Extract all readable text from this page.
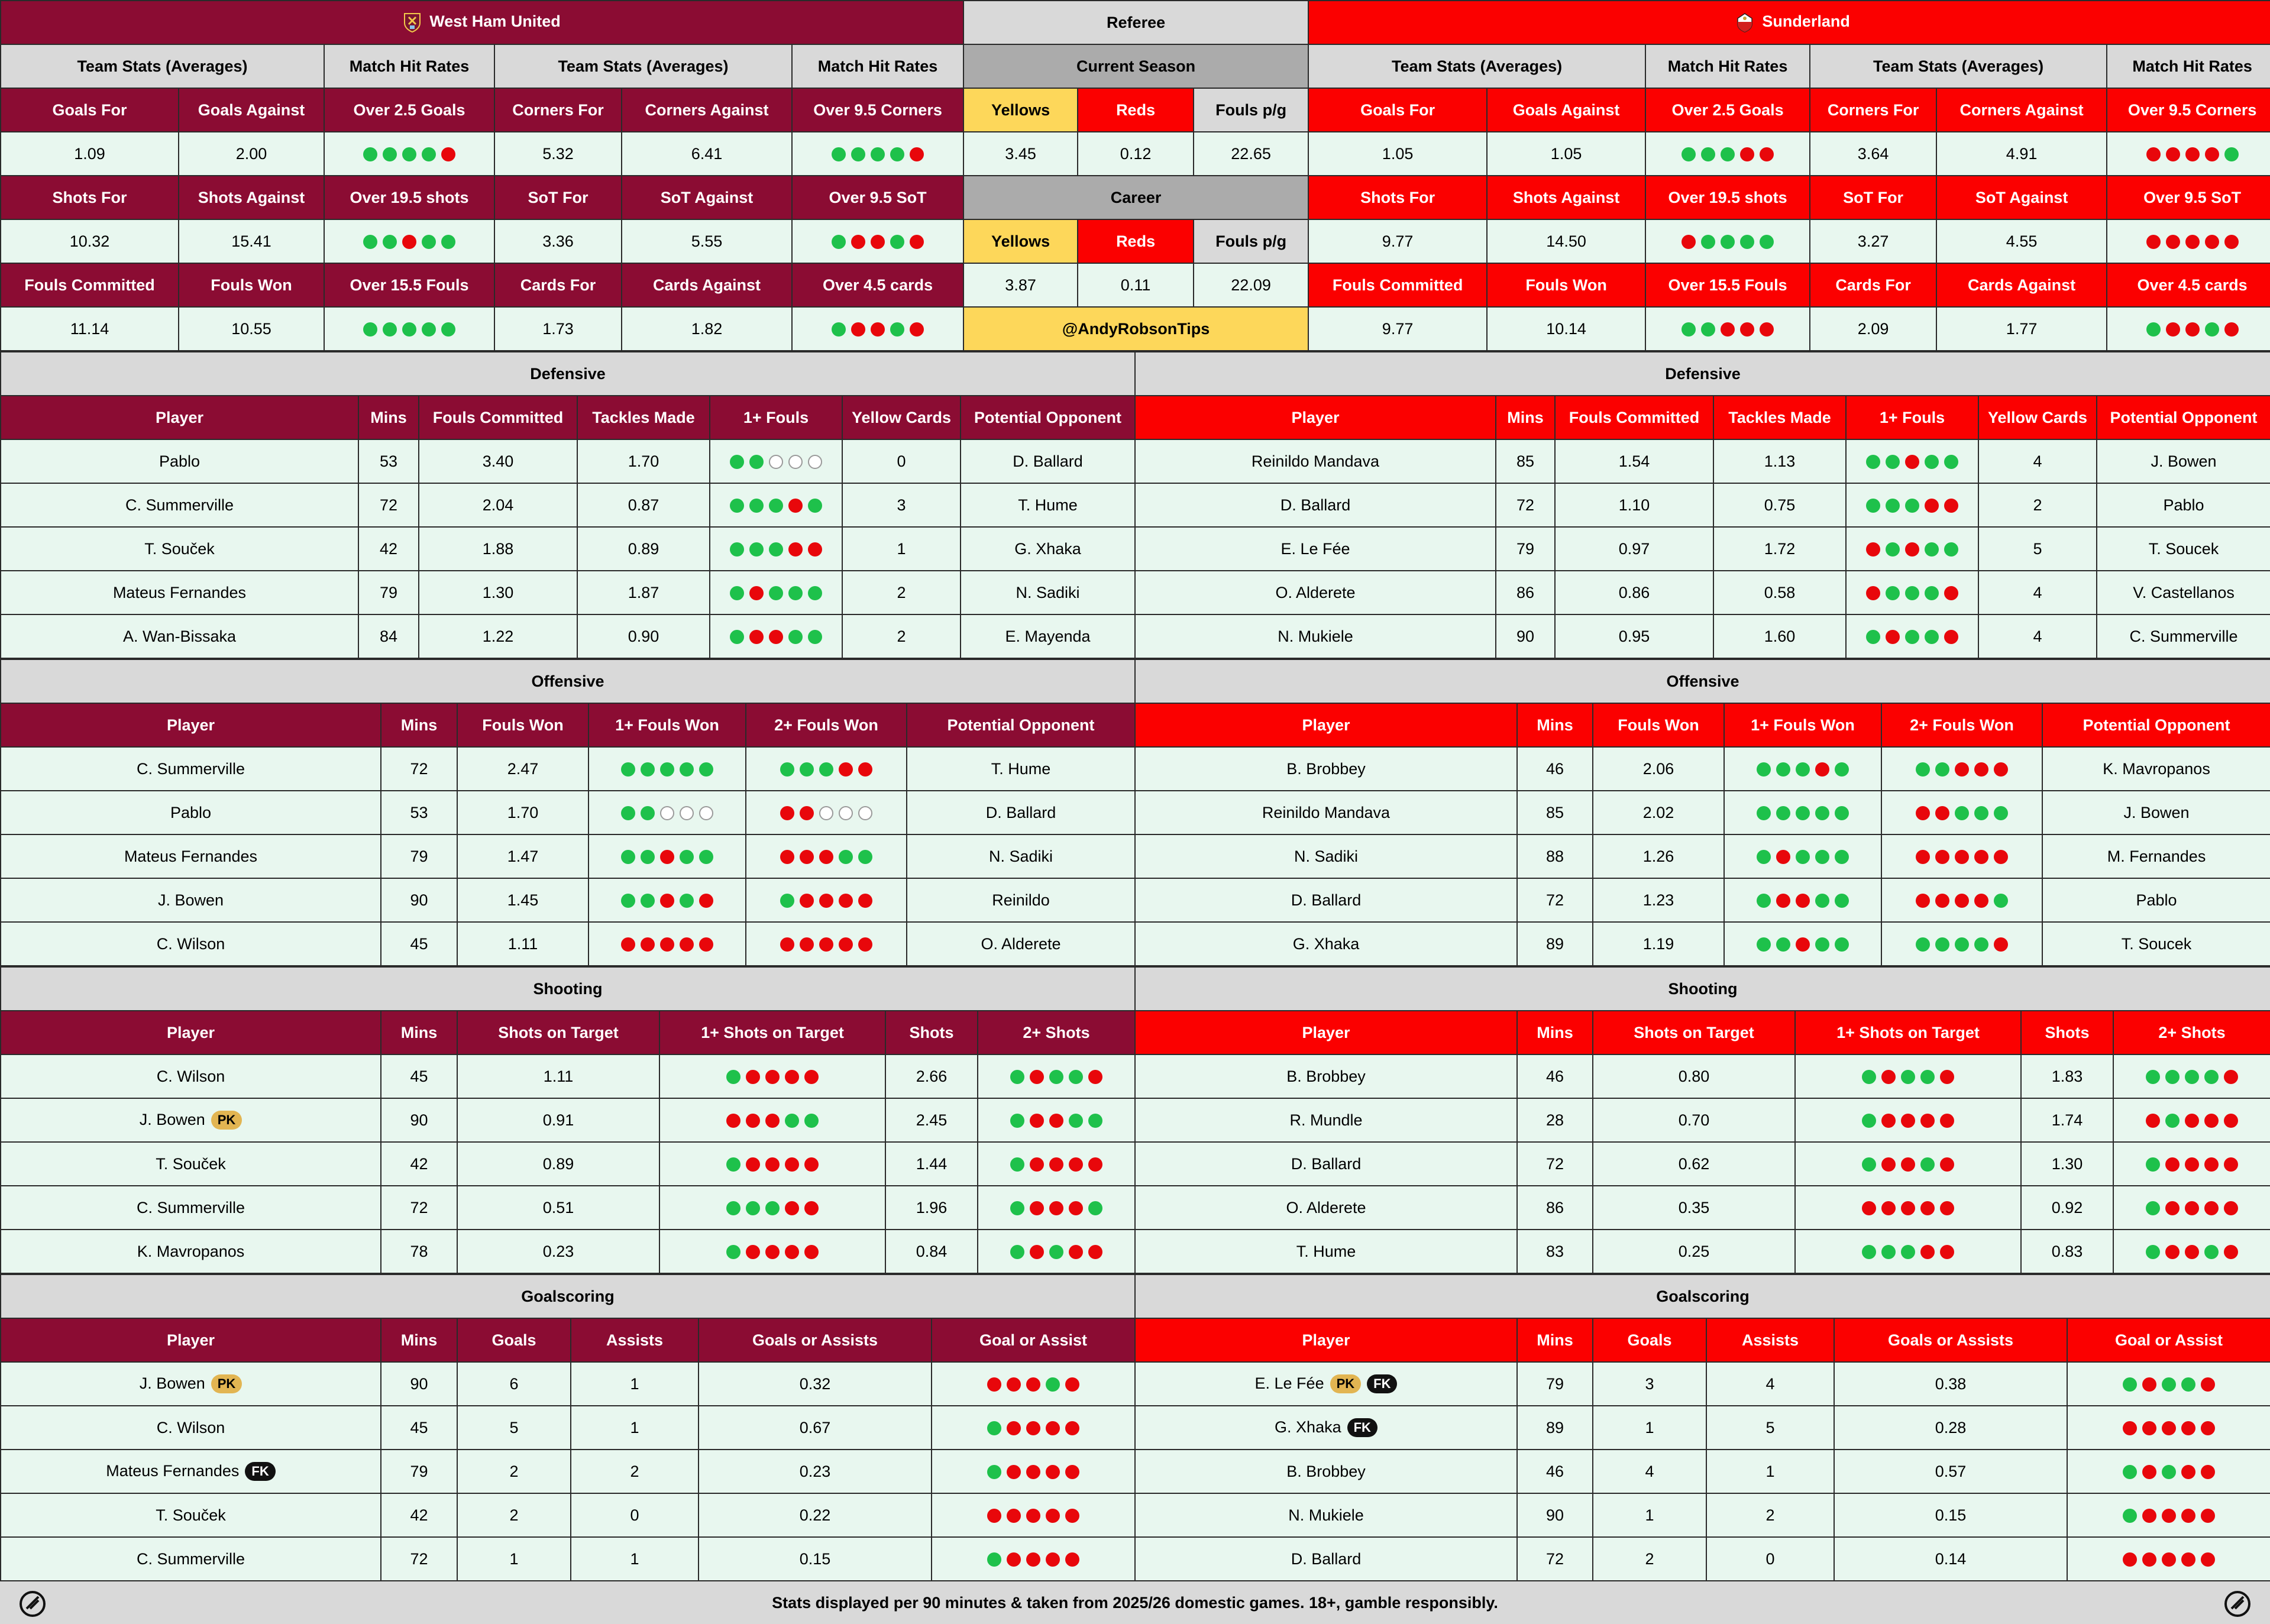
West Ham United						Referee			Sunderland					
Team Stats (Averages)		Match Hit Rates	Team Stats (Averages)		Match Hit Rates	Current Season			Team Stats (Averages)		Match Hit Rates	Team Stats (Averages)		Match Hit Rates
Goals For	Goals Against	Over 2.5 Goals	Corners For	Corners Against	Over 9.5 Corners	Yellows	Reds	Fouls p/g	Goals For	Goals Against	Over 2.5 Goals	Corners For	Corners Against	Over 9.5 Corners
1.09	2.00		5.32	6.41		3.45	0.12	22.65	1.05	1.05		3.64	4.91	

Shots For	Shots Against	Over 19.5 shots	SoT For	SoT Against	Over 9.5 SoT	Career			Shots For	Shots Against	Over 19.5 shots	SoT For	SoT Against	Over 9.5 SoT
10.32	15.41		3.36	5.55		Yellows	Reds	Fouls p/g	9.77	14.50		3.27	4.55	

Fouls Committed	Fouls Won	Over 15.5 Fouls	Cards For	Cards Against	Over 4.5 cards	3.87	0.11	22.09	Fouls Committed	Fouls Won	Over 15.5 Fouls	Cards For	Cards Against	Over 4.5 cards
11.14	10.55		1.73	1.82		@AndyRobsonTips			9.77	10.14		2.09	1.77	
Defensive						
Player	Mins	Fouls Committed	Tackles Made	1+ Fouls	Yellow Cards	Potential Opponent
Pablo	53	3.40	1.70		0	D. Ballard
C. Summerville	72	2.04	0.87		3	T. Hume
T. Souček	42	1.88	0.89		1	G. Xhaka
Mateus Fernandes	79	1.30	1.87		2	N. Sadiki
A. Wan-Bissaka	84	1.22	0.90		2	E. Mayenda
Defensive						
Player	Mins	Fouls Committed	Tackles Made	1+ Fouls	Yellow Cards	Potential Opponent
Reinildo Mandava	85	1.54	1.13		4	J. Bowen
D. Ballard	72	1.10	0.75		2	Pablo
E. Le Fée	79	0.97	1.72		5	T. Soucek
O. Alderete	86	0.86	0.58		4	V. Castellanos
N. Mukiele	90	0.95	1.60		4	C. Summerville
Offensive					
Player	Mins	Fouls Won	1+ Fouls Won	2+ Fouls Won	Potential Opponent
C. Summerville	72	2.47			T. Hume
Pablo	53	1.70			D. Ballard
Mateus Fernandes	79	1.47			N. Sadiki
J. Bowen	90	1.45			Reinildo
C. Wilson	45	1.11			O. Alderete
Offensive					
Player	Mins	Fouls Won	1+ Fouls Won	2+ Fouls Won	Potential Opponent
B. Brobbey	46	2.06			K. Mavropanos
Reinildo Mandava	85	2.02			J. Bowen
N. Sadiki	88	1.26			M. Fernandes
D. Ballard	72	1.23			Pablo
G. Xhaka	89	1.19			T. Soucek
Shooting					
Player	Mins	Shots on Target	1+ Shots on Target	Shots	2+ Shots
C. Wilson	45	1.11		2.66	

J. Bowen PK	90	0.91		2.45	

T. Souček	42	0.89		1.44	

C. Summerville	72	0.51		1.96	

K. Mavropanos	78	0.23		0.84	
Shooting					
Player	Mins	Shots on Target	1+ Shots on Target	Shots	2+ Shots
B. Brobbey	46	0.80		1.83	

R. Mundle	28	0.70		1.74	

D. Ballard	72	0.62		1.30	

O. Alderete	86	0.35		0.92	

T. Hume	83	0.25		0.83	
Goalscoring					
Player	Mins	Goals	Assists	Goals or Assists	Goal or Assist
J. Bowen PK	90	6	1	0.32	

C. Wilson	45	5	1	0.67	

Mateus Fernandes FK	79	2	2	0.23	

T. Souček	42	2	0	0.22	

C. Summerville	72	1	1	0.15	
Goalscoring					
Player	Mins	Goals	Assists	Goals or Assists	Goal or Assist
E. Le Fée PK FK	79	3	4	0.38	

G. Xhaka FK	89	1	5	0.28	

B. Brobbey	46	4	1	0.57	

N. Mukiele	90	1	2	0.15	

D. Ballard	72	2	0	0.14	
Stats displayed per 90 minutes & taken from 2025/26 domestic games. 18+, gamble responsibly.
